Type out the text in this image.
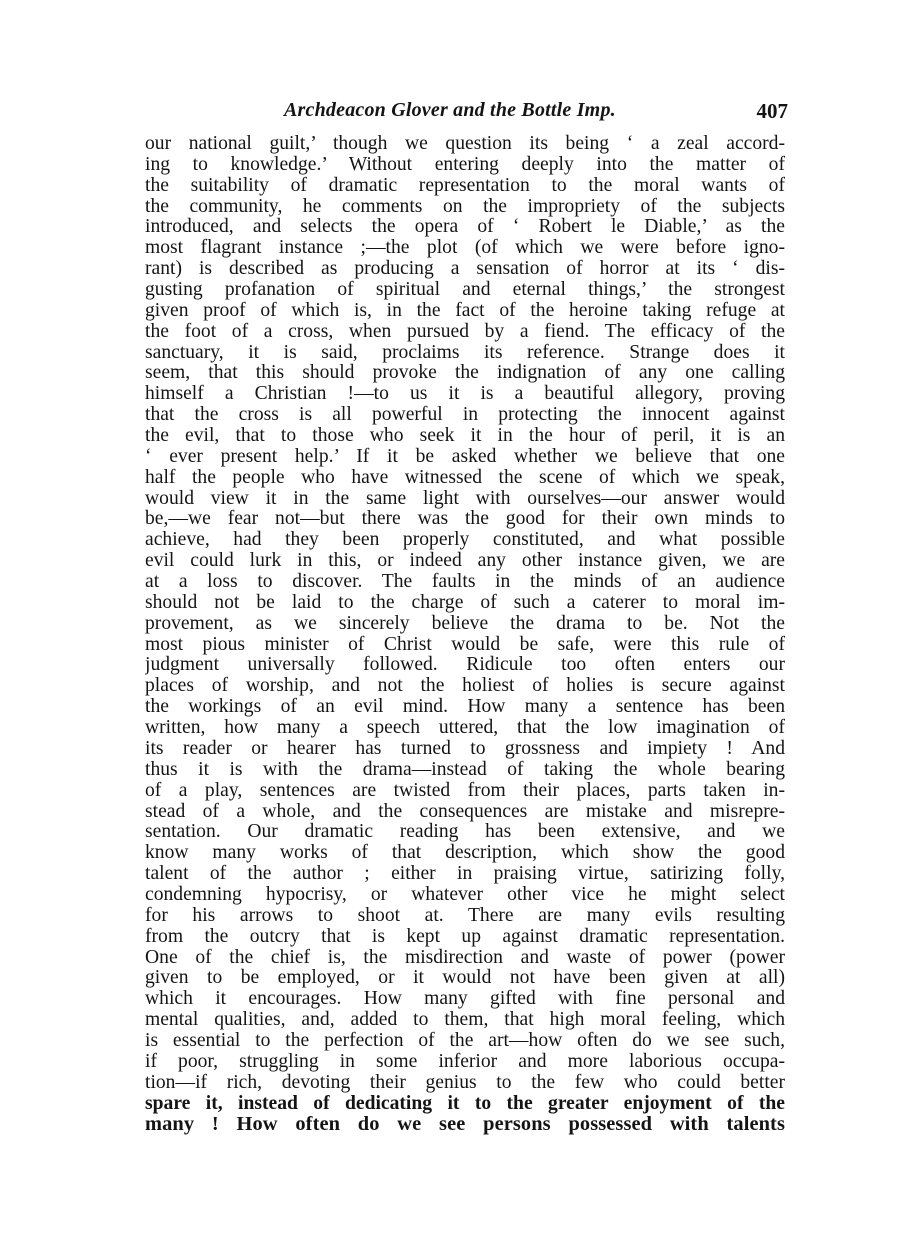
Archdeacon Glover and the Bottle Imp.	407
our national guilt,’ though we question its being ‘ a zeal accord-
ing to knowledge.’ Without entering deeply into the matter of
the suitability of dramatic representation to the moral wants of
the community, he comments on the impropriety of the subjects
introduced, and selects the opera of ‘ Robert le Diable,’ as the
most flagrant instance ;—the plot (of which we were before igno-
rant) is described as producing a sensation of horror at its ‘ dis-
gusting profanation of spiritual and eternal things,’ the strongest
given proof of which is, in the fact of the heroine taking refuge at
the foot of a cross, when pursued by a fiend. The efficacy of the
sanctuary, it is said, proclaims its reference. Strange does it
seem, that this should provoke the indignation of any one calling
himself a Christian !—to us it is a beautiful allegory, proving
that the cross is all powerful in protecting the innocent against
the evil, that to those who seek it in the hour of peril, it is an
‘ ever present help.’ If it be asked whether we believe that one
half the people who have witnessed the scene of which we speak,
would view it in the same light with ourselves—our answer would
be,—we fear not—but there was the good for their own minds to
achieve, had they been properly constituted, and what possible
evil could lurk in this, or indeed any other instance given, we are
at a loss to discover. The faults in the minds of an audience
should not be laid to the charge of such a caterer to moral im-
provement, as we sincerely believe the drama to be. Not the
most pious minister of Christ would be safe, were this rule of
judgment universally followed. Ridicule too often enters our
places of worship, and not the holiest of holies is secure against
the workings of an evil mind. How many a sentence has been
written, how many a speech uttered, that the low imagination of
its reader or hearer has turned to grossness and impiety ! And
thus it is with the drama—instead of taking the whole bearing
of a play, sentences are twisted from their places, parts taken in-
stead of a whole, and the consequences are mistake and misrepre-
sentation. Our dramatic reading has been extensive, and we
know many works of that description, which show the good
talent of the author ; either in praising virtue, satirizing folly,
condemning hypocrisy, or whatever other vice he might select
for his arrows to shoot at. There are many evils resulting
from the outcry that is kept up against dramatic representation.
One of the chief is, the misdirection and waste of power (power
given to be employed, or it would not have been given at all)
which it encourages. How many gifted with fine personal and
mental qualities, and, added to them, that high moral feeling, which
is essential to the perfection of the art—how often do we see such,
if poor, struggling in some inferior and more laborious occupa-
tion—if rich, devoting their genius to the few who could better
spare it, instead of dedicating it to the greater enjoyment of the
many ! How often do we see persons possessed with talents
